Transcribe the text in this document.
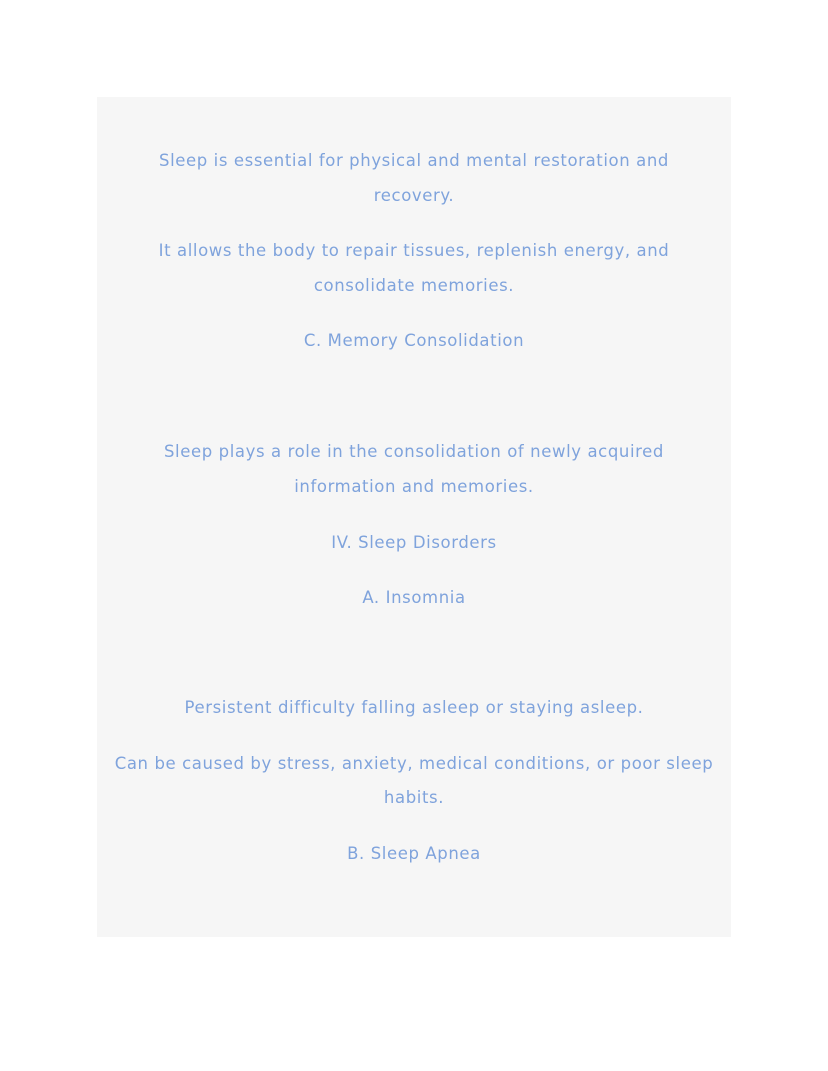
Sleep is essential for physical and mental restoration and
recovery.
It allows the body to repair tissues, replenish energy, and
consolidate memories.
C. Memory Consolidation
Sleep plays a role in the consolidation of newly acquired
information and memories.
IV. Sleep Disorders
A. Insomnia
Persistent difficulty falling asleep or staying asleep.
Can be caused by stress, anxiety, medical conditions, or poor sleep
habits.
B. Sleep Apnea
